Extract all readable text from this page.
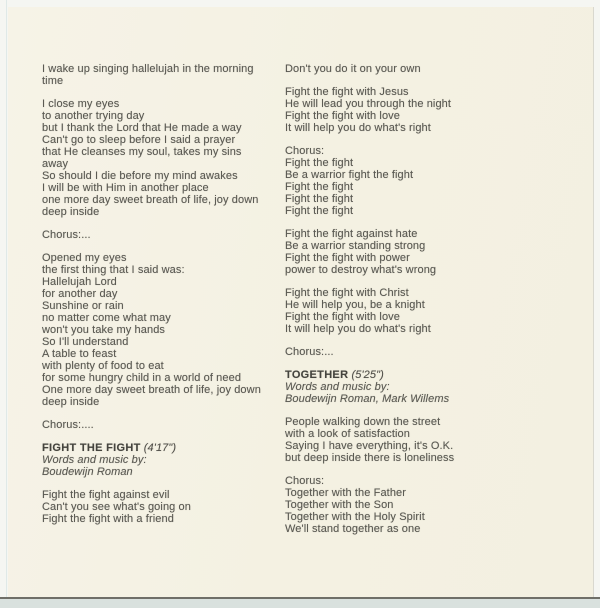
I wake up singing hallelujah in the morning
time
I close my eyes
to another trying day
but I thank the Lord that He made a way
Can't go to sleep before I said a prayer
that He cleanses my soul, takes my sins
away
So should I die before my mind awakes
I will be with Him in another place
one more day sweet breath of life, joy down
deep inside
Chorus:...
Opened my eyes
the first thing that I said was:
Hallelujah Lord
for another day
Sunshine or rain
no matter come what may
won't you take my hands
So I'll understand
A table to feast
with plenty of food to eat
for some hungry child in a world of need
One more day sweet breath of life, joy down
deep inside
Chorus:....
FIGHT THE FIGHT (4'17")
Words and music by:
Boudewijn Roman
Fight the fight against evil
Can't you see what's going on
Fight the fight with a friend
Don't you do it on your own
Fight the fight with Jesus
He will lead you through the night
Fight the fight with love
It will help you do what's right
Chorus:
Fight the fight
Be a warrior fight the fight
Fight the fight
Fight the fight
Fight the fight
Fight the fight against hate
Be a warrior standing strong
Fight the fight with power
power to destroy what's wrong
Fight the fight with Christ
He will help you, be a knight
Fight the fight with love
It will help you do what's right
Chorus:...
TOGETHER (5'25")
Words and music by:
Boudewijn Roman, Mark Willems
People walking down the street
with a look of satisfaction
Saying I have everything, it's O.K.
but deep inside there is loneliness
Chorus:
Together with the Father
Together with the Son
Together with the Holy Spirit
We'll stand together as one
